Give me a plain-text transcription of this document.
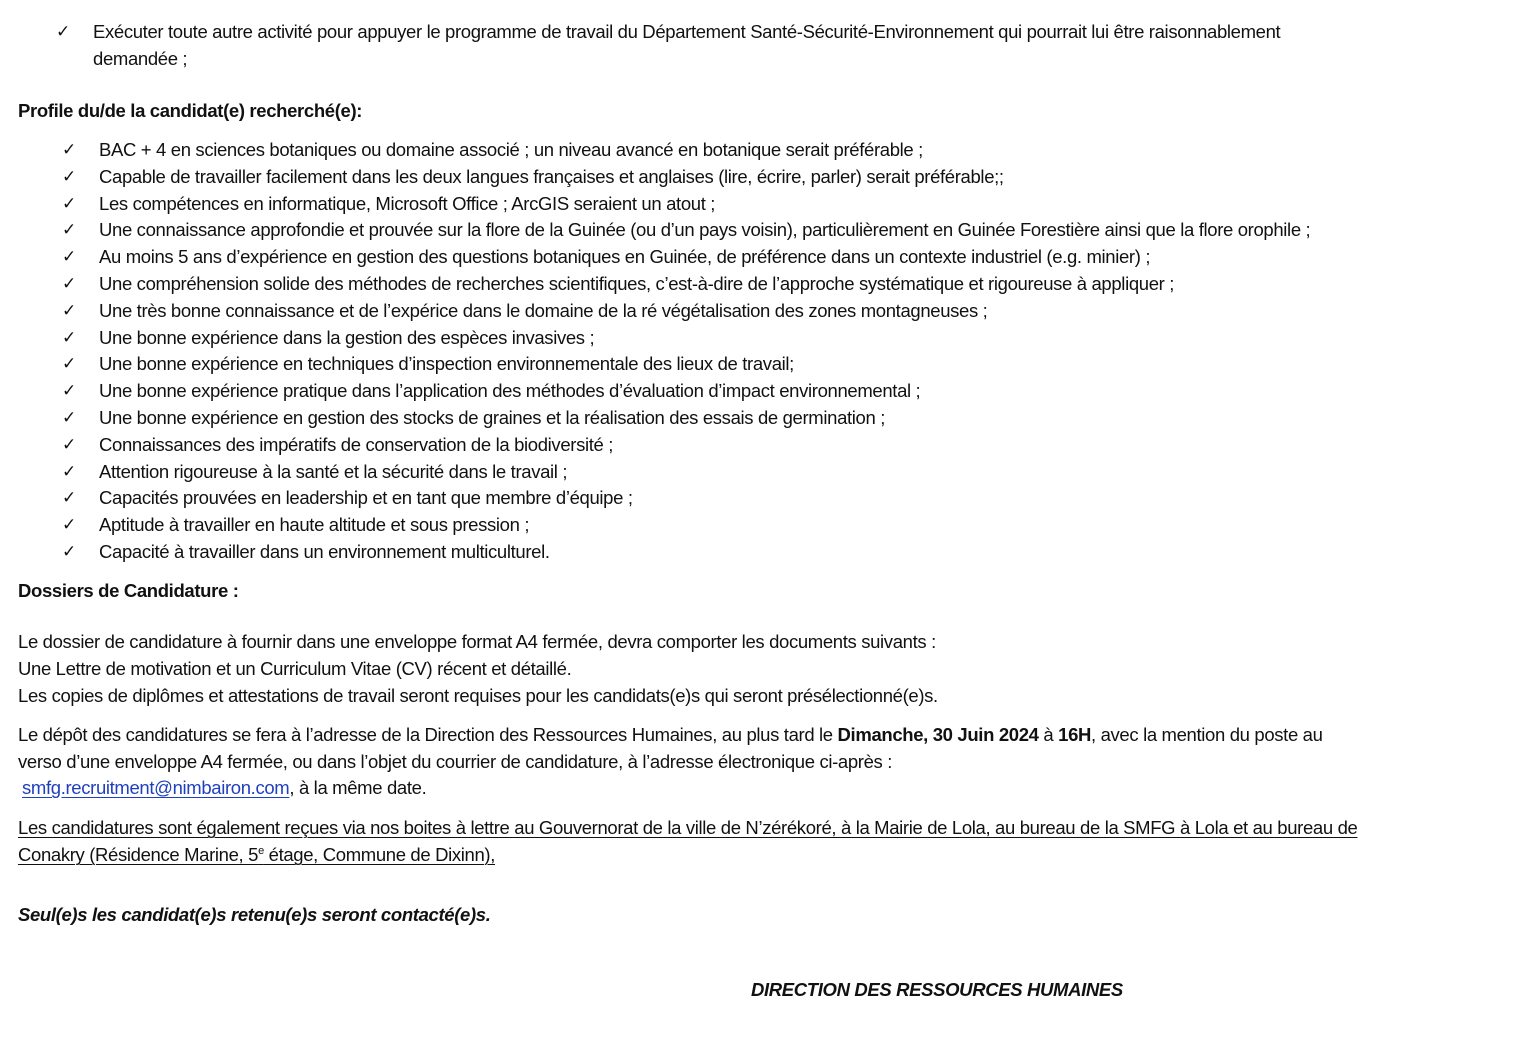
✓ Exécuter toute autre activité pour appuyer le programme de travail du Département Santé-Sécurité-Environnement qui pourrait lui être raisonnablement
demandée ;
Profile du/de la candidat(e) recherché(e):
✓ BAC + 4 en sciences botaniques ou domaine associé ; un niveau avancé en botanique serait préférable ;
✓ Capable de travailler facilement dans les deux langues françaises et anglaises (lire, écrire, parler) serait préférable;;
✓ Les compétences en informatique, Microsoft Office ; ArcGIS seraient un atout ;
✓ Une connaissance approfondie et prouvée sur la flore de la Guinée (ou d’un pays voisin), particulièrement en Guinée Forestière ainsi que la flore orophile ;
✓ Au moins 5 ans d’expérience en gestion des questions botaniques en Guinée, de préférence dans un contexte industriel (e.g. minier) ;
✓ Une compréhension solide des méthodes de recherches scientifiques, c’est-à-dire de l’approche systématique et rigoureuse à appliquer ;
✓ Une très bonne connaissance et de l’expérice dans le domaine de la ré végétalisation des zones montagneuses ;
✓ Une bonne expérience dans la gestion des espèces invasives ;
✓ Une bonne expérience en techniques d’inspection environnementale des lieux de travail;
✓ Une bonne expérience pratique dans l’application des méthodes d’évaluation d’impact environnemental ;
✓ Une bonne expérience en gestion des stocks de graines et la réalisation des essais de germination ;
✓ Connaissances des impératifs de conservation de la biodiversité ;
✓ Attention rigoureuse à la santé et la sécurité dans le travail ;
✓ Capacités prouvées en leadership et en tant que membre d’équipe ;
✓ Aptitude à travailler en haute altitude et sous pression ;
✓ Capacité à travailler dans un environnement multiculturel.
Dossiers de Candidature :
Le dossier de candidature à fournir dans une enveloppe format A4 fermée, devra comporter les documents suivants :
Une Lettre de motivation et un Curriculum Vitae (CV) récent et détaillé.
Les copies de diplômes et attestations de travail seront requises pour les candidats(e)s qui seront présélectionné(e)s.
Le dépôt des candidatures se fera à l’adresse de la Direction des Ressources Humaines, au plus tard le Dimanche, 30 Juin 2024 à 16H, avec la mention du poste au
verso d’une enveloppe A4 fermée, ou dans l’objet du courrier de candidature, à l’adresse électronique ci-après :
smfg.recruitment@nimbairon.com, à la même date.
Les candidatures sont également reçues via nos boites à lettre au Gouvernorat de la ville de N’zérékoré, à la Mairie de Lola, au bureau de la SMFG à Lola et au bureau de
Conakry (Résidence Marine, 5e étage, Commune de Dixinn),
Seul(e)s les candidat(e)s retenu(e)s seront contacté(e)s.
DIRECTION DES RESSOURCES HUMAINES
